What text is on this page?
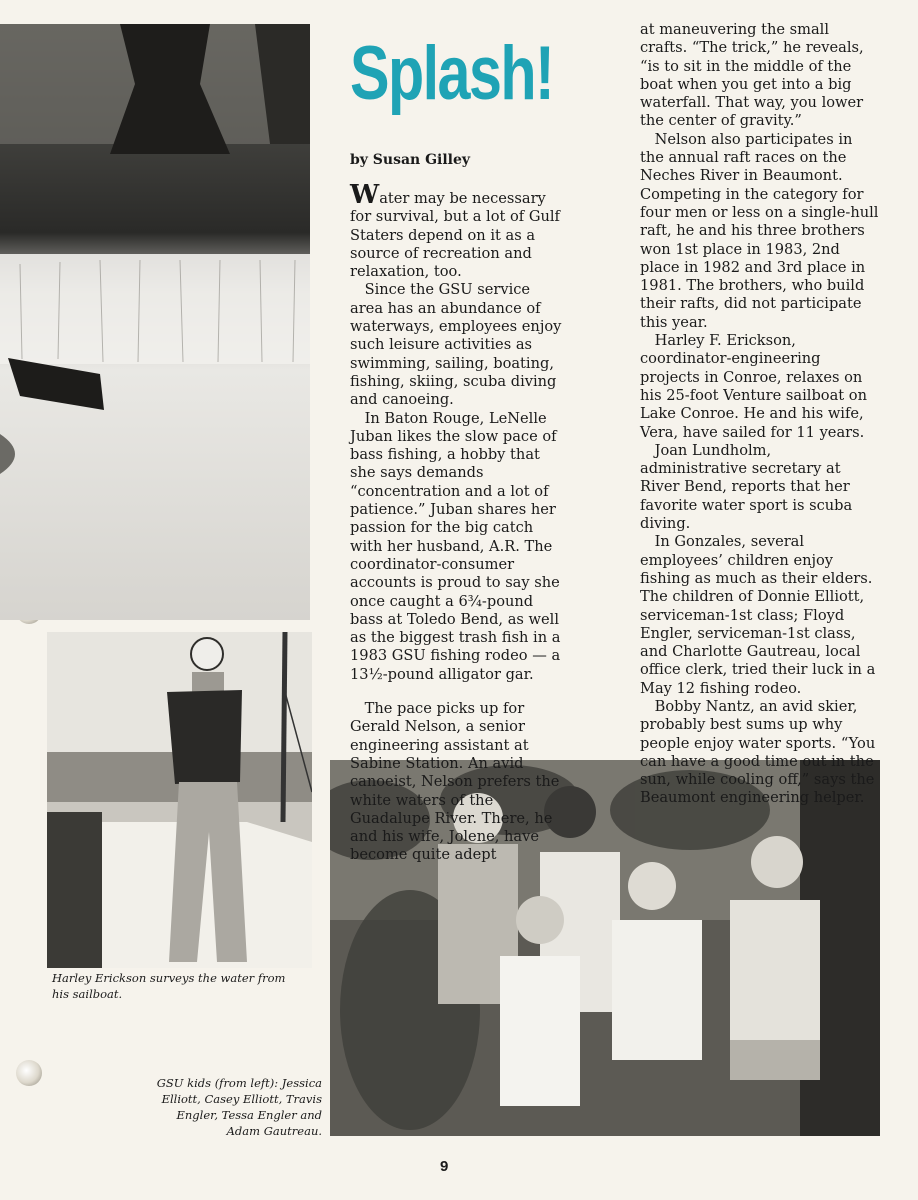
Splash!
by Susan Gilley

Water may be necessary for survival, but a lot of Gulf Staters depend on it as a source of recreation and relaxation, too.

Since the GSU service area has an abundance of waterways, employees enjoy such leisure activities as swimming, sailing, boating, fishing, skiing, scuba diving and canoeing.

In Baton Rouge, LeNelle Juban likes the slow pace of bass fishing, a hobby that she says demands “concentration and a lot of patience.” Juban shares her passion for the big catch with her husband, A.R. The coordinator-consumer accounts is proud to say she once caught a 6¾-pound bass at Toledo Bend, as well as the biggest trash fish in a 1983 GSU fishing rodeo — a 13½-pound alligator gar.

The pace picks up for Gerald Nelson, a senior engineering assistant at Sabine Station. An avid canoeist, Nelson prefers the white waters of the Guadalupe River. There, he and his wife, Jolene, have become quite adept

at maneuvering the small crafts. “The trick,” he reveals, “is to sit in the middle of the boat when you get into a big waterfall. That way, you lower the center of gravity.”

Nelson also participates in the annual raft races on the Neches River in Beaumont. Competing in the category for four men or less on a single-hull raft, he and his three brothers won 1st place in 1983, 2nd place in 1982 and 3rd place in 1981. The brothers, who build their rafts, did not participate this year.

Harley F. Erickson, coordinator-engineering projects in Conroe, relaxes on his 25-foot Venture sailboat on Lake Conroe. He and his wife, Vera, have sailed for 11 years.

Joan Lundholm, administrative secretary at River Bend, reports that her favorite water sport is scuba diving.

In Gonzales, several employees’ children enjoy fishing as much as their elders. The children of Donnie Elliott, serviceman-1st class; Floyd Engler, serviceman-1st class, and Charlotte Gautreau, local office clerk, tried their luck in a May 12 fishing rodeo.

Bobby Nantz, an avid skier, probably best sums up why people enjoy water sports. “You can have a good time out in the sun, while cooling off,” says the Beaumont engineering helper.

Harley Erickson surveys the water from his sailboat.
GSU kids (from left): Jessica Elliott, Casey Elliott, Travis Engler, Tessa Engler and Adam Gautreau.
9
